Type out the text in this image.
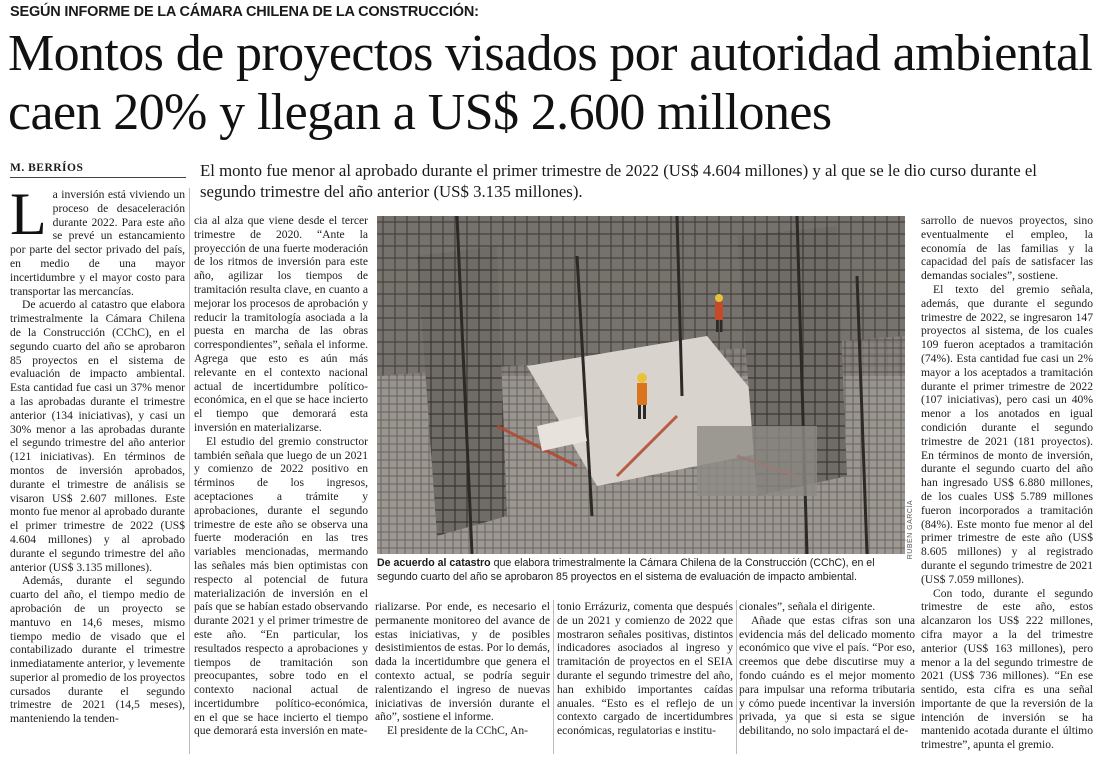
SEGÚN INFORME DE LA CÁMARA CHILENA DE LA CONSTRUCCIÓN:
Montos de proyectos visados por autoridad ambiental caen 20% y llegan a US$ 2.600 millones
M. BERRÍOS	El monto fue menor al aprobado durante el primer trimestre de 2022 (US$ 4.604 millones) y al que se le dio curso durante el segundo trimestre del año anterior (US$ 3.135 millones).

La inversión está viviendo un proceso de desaceleración durante 2022. Para este año se prevé un estancamiento por parte del sector privado del país, en medio de una mayor incertidumbre y el mayor costo para transportar las mercancías.

De acuerdo al catastro que elabora trimestralmente la Cámara Chilena de la Construcción (CChC), en el segundo cuarto del año se aprobaron 85 proyectos en el sistema de evaluación de impacto ambiental. Esta cantidad fue casi un 37% menor a las aprobadas durante el trimestre anterior (134 iniciativas), y casi un 30% menor a las aprobadas durante el segundo trimestre del año anterior (121 iniciativas). En términos de montos de inversión aprobados, durante el trimestre de análisis se visaron US$ 2.607 millones. Este monto fue menor al aprobado durante el primer trimestre de 2022 (US$ 4.604 millones) y al aprobado durante el segundo trimestre del año anterior (US$ 3.135 millones).

Además, durante el segundo cuarto del año, el tiempo medio de aprobación de un proyecto se mantuvo en 14,6 meses, mismo tiempo medio de visado que el contabilizado durante el trimestre inmediatamente anterior, y levemente superior al promedio de los proyectos cursados durante el segundo trimestre de 2021 (14,5 meses), manteniendo la tenden-

cia al alza que viene desde el tercer trimestre de 2020. “Ante la proyección de una fuerte moderación de los ritmos de inversión para este año, agilizar los tiempos de tramitación resulta clave, en cuanto a mejorar los procesos de aprobación y reducir la tramitología asociada a la puesta en marcha de las obras correspondientes”, señala el informe. Agrega que esto es aún más relevante en el contexto nacional actual de incertidumbre político-económica, en el que se hace incierto el tiempo que demorará esta inversión en materializarse.

El estudio del gremio constructor también señala que luego de un 2021 y comienzo de 2022 positivo en términos de los ingresos, aceptaciones a trámite y aprobaciones, durante el segundo trimestre de este año se observa una fuerte moderación en las tres variables mencionadas, mermando las señales más bien optimistas con respecto al potencial de futura materialización de inversión en el país que se habían estado observando durante 2021 y el primer trimestre de este año. “En particular, los resultados respecto a aprobaciones y tiempos de tramitación son preocupantes, sobre todo en el contexto nacional actual de incertidumbre político-económica, en el que se hace incierto el tiempo que demorará esta inversión en mate-

RUBÉN GARCÍA

De acuerdo al catastro que elabora trimestralmente la Cámara Chilena de la Construcción (CChC), en el segundo cuarto del año se aprobaron 85 proyectos en el sistema de evaluación de impacto ambiental.

rializarse. Por ende, es necesario el permanente monitoreo del avance de estas iniciativas, y de posibles desistimientos de estas. Por lo demás, dada la incertidumbre que genera el contexto actual, se podría seguir ralentizando el ingreso de nuevas iniciativas de inversión durante el año”, sostiene el informe.

El presidente de la CChC, An-

tonio Errázuriz, comenta que después de un 2021 y comienzo de 2022 que mostraron señales positivas, distintos indicadores asociados al ingreso y tramitación de proyectos en el SEIA durante el segundo trimestre del año, han exhibido importantes caídas anuales. “Esto es el reflejo de un contexto cargado de incertidumbres económicas, regulatorias e institu-

cionales”, señala el dirigente.

Añade que estas cifras son una evidencia más del delicado momento económico que vive el país. “Por eso, creemos que debe discutirse muy a fondo cuándo es el mejor momento para impulsar una reforma tributaria y cómo puede incentivar la inversión privada, ya que si esta se sigue debilitando, no solo impactará el de-

sarrollo de nuevos proyectos, sino eventualmente el empleo, la economía de las familias y la capacidad del país de satisfacer las demandas sociales”, sostiene.

El texto del gremio señala, además, que durante el segundo trimestre de 2022, se ingresaron 147 proyectos al sistema, de los cuales 109 fueron aceptados a tramitación (74%). Esta cantidad fue casi un 2% mayor a los aceptados a tramitación durante el primer trimestre de 2022 (107 iniciativas), pero casi un 40% menor a los anotados en igual condición durante el segundo trimestre de 2021 (181 proyectos). En términos de monto de inversión, durante el segundo cuarto del año han ingresado US$ 6.880 millones, de los cuales US$ 5.789 millones fueron incorporados a tramitación (84%). Este monto fue menor al del primer trimestre de este año (US$ 8.605 millones) y al registrado durante el segundo trimestre de 2021 (US$ 7.059 millones).

Con todo, durante el segundo trimestre de este año, estos alcanzaron los US$ 222 millones, cifra mayor a la del trimestre anterior (US$ 163 millones), pero menor a la del segundo trimestre de 2021 (US$ 736 millones). “En ese sentido, esta cifra es una señal importante de que la reversión de la intención de inversión se ha mantenido acotada durante el último trimestre”, apunta el gremio.
